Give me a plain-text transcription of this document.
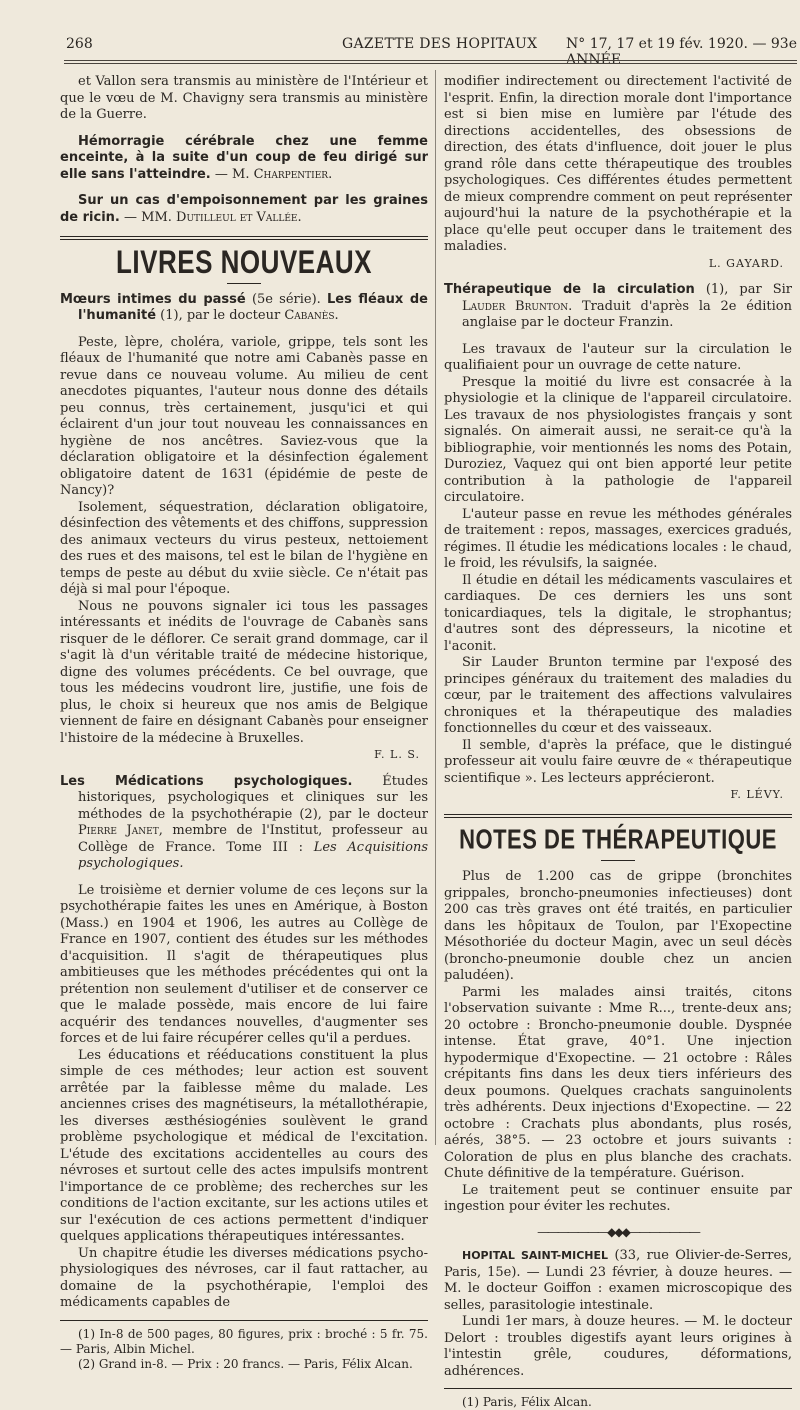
268	GAZETTE DES HOPITAUX N° 17, 17 et 19 fév. 1920. — 93e ANNÉE

et Vallon sera transmis au ministère de l'Intérieur et que le vœu de M. Chavigny sera transmis au ministère de la Guerre.

Hémorragie cérébrale chez une femme enceinte, à la suite d'un coup de feu dirigé sur elle sans l'atteindre. — M. Charpentier.

Sur un cas d'empoisonnement par les graines de ricin. — MM. Dutilleul et Vallée.

LIVRES NOUVEAUX

Mœurs intimes du passé (5e série). Les fléaux de l'humanité (1), par le docteur Cabanès.

Peste, lèpre, choléra, variole, grippe, tels sont les fléaux de l'humanité que notre ami Cabanès passe en revue dans ce nouveau volume. Au milieu de cent anecdotes piquantes, l'auteur nous donne des détails peu connus, très certainement, jusqu'ici et qui éclairent d'un jour tout nouveau les connaissances en hygiène de nos ancêtres. Saviez-vous que la déclaration obligatoire et la désinfection également obligatoire datent de 1631 (épidémie de peste de Nancy)?

Isolement, séquestration, déclaration obligatoire, désinfection des vêtements et des chiffons, suppression des animaux vecteurs du virus pesteux, nettoiement des rues et des maisons, tel est le bilan de l'hygiène en temps de peste au début du xviie siècle. Ce n'était pas déjà si mal pour l'époque.

Nous ne pouvons signaler ici tous les passages intéressants et inédits de l'ouvrage de Cabanès sans risquer de le déflorer. Ce serait grand dommage, car il s'agit là d'un véritable traité de médecine historique, digne des volumes précédents. Ce bel ouvrage, que tous les médecins voudront lire, justifie, une fois de plus, le choix si heureux que nos amis de Belgique viennent de faire en désignant Cabanès pour enseigner l'histoire de la médecine à Bruxelles.

F. L. S.

Les Médications psychologiques. Études historiques, psychologiques et cliniques sur les méthodes de la psychothérapie (2), par le docteur Pierre Janet, membre de l'Institut, professeur au Collège de France. Tome III : Les Acquisitions psychologiques.

Le troisième et dernier volume de ces leçons sur la psychothérapie faites les unes en Amérique, à Boston (Mass.) en 1904 et 1906, les autres au Collège de France en 1907, contient des études sur les méthodes d'acquisition. Il s'agit de thérapeutiques plus ambitieuses que les méthodes précédentes qui ont la prétention non seulement d'utiliser et de conserver ce que le malade possède, mais encore de lui faire acquérir des tendances nouvelles, d'augmenter ses forces et de lui faire récupérer celles qu'il a perdues.

Les éducations et rééducations constituent la plus simple de ces méthodes; leur action est souvent arrêtée par la faiblesse même du malade. Les anciennes crises des magnétiseurs, la métallothérapie, les diverses æsthésiogénies soulèvent le grand problème psychologique et médical de l'excitation. L'étude des excitations accidentelles au cours des névroses et surtout celle des actes impulsifs montrent l'importance de ce problème; des recherches sur les conditions de l'action excitante, sur les actions utiles et sur l'exécution de ces actions permettent d'indiquer quelques applications thérapeutiques intéressantes.

Un chapitre étudie les diverses médications psycho-physiologiques des névroses, car il faut rattacher, au domaine de la psychothérapie, l'emploi des médicaments capables de

(1) In-8 de 500 pages, 80 figures, prix : broché : 5 fr. 75. — Paris, Albin Michel.

(2) Grand in-8. — Prix : 20 francs. — Paris, Félix Alcan.

modifier indirectement ou directement l'activité de l'esprit. Enfin, la direction morale dont l'importance est si bien mise en lumière par l'étude des directions accidentelles, des obsessions de direction, des états d'influence, doit jouer le plus grand rôle dans cette thérapeutique des troubles psychologiques. Ces différentes études permettent de mieux comprendre comment on peut représenter aujourd'hui la nature de la psychothérapie et la place qu'elle peut occuper dans le traitement des maladies.

L. GAYARD.

Thérapeutique de la circulation (1), par Sir Lauder Brunton. Traduit d'après la 2e édition anglaise par le docteur Franzin.

Les travaux de l'auteur sur la circulation le qualifiaient pour un ouvrage de cette nature.

Presque la moitié du livre est consacrée à la physiologie et la clinique de l'appareil circulatoire. Les travaux de nos physiologistes français y sont signalés. On aimerait aussi, ne serait-ce qu'à la bibliographie, voir mentionnés les noms des Potain, Duroziez, Vaquez qui ont bien apporté leur petite contribution à la pathologie de l'appareil circulatoire.

L'auteur passe en revue les méthodes générales de traitement : repos, massages, exercices gradués, régimes. Il étudie les médications locales : le chaud, le froid, les révulsifs, la saignée.

Il étudie en détail les médicaments vasculaires et cardiaques. De ces derniers les uns sont tonicardiaques, tels la digitale, le strophantus; d'autres sont des dépresseurs, la nicotine et l'aconit.

Sir Lauder Brunton termine par l'exposé des principes généraux du traitement des maladies du cœur, par le traitement des affections valvulaires chroniques et la thérapeutique des maladies fonctionnelles du cœur et des vaisseaux.

Il semble, d'après la préface, que le distingué professeur ait voulu faire œuvre de « thérapeutique scientifique ». Les lecteurs apprécieront.

F. LÉVY.
NOTES DE THÉRAPEUTIQUE

Plus de 1.200 cas de grippe (bronchites grippales, broncho-pneumonies infectieuses) dont 200 cas très graves ont été traités, en particulier dans les hôpitaux de Toulon, par l'Exopectine Mésothoriée du docteur Magin, avec un seul décès (broncho-pneumonie double chez un ancien paludéen).

Parmi les malades ainsi traités, citons l'observation suivante : Mme R..., trente-deux ans; 20 octobre : Broncho-pneumonie double. Dyspnée intense. État grave, 40°1. Une injection hypodermique d'Exopectine. — 21 octobre : Râles crépitants fins dans les deux tiers inférieurs des deux poumons. Quelques crachats sanguinolents très adhérents. Deux injections d'Exopectine. — 22 octobre : Crachats plus abondants, plus rosés, aérés, 38°5. — 23 octobre et jours suivants : Coloration de plus en plus blanche des crachats. Chute définitive de la température. Guérison.

Le traitement peut se continuer ensuite par ingestion pour éviter les rechutes.

———————◆◆◆———————

HOPITAL SAINT-MICHEL (33, rue Olivier-de-Serres, Paris, 15e). — Lundi 23 février, à douze heures. — M. le docteur Goiffon : examen microscopique des selles, parasitologie intestinale.

Lundi 1er mars, à douze heures. — M. le docteur Delort : troubles digestifs ayant leurs origines à l'intestin grêle, coudures, déformations, adhérences.

(1) Paris, Félix Alcan.
